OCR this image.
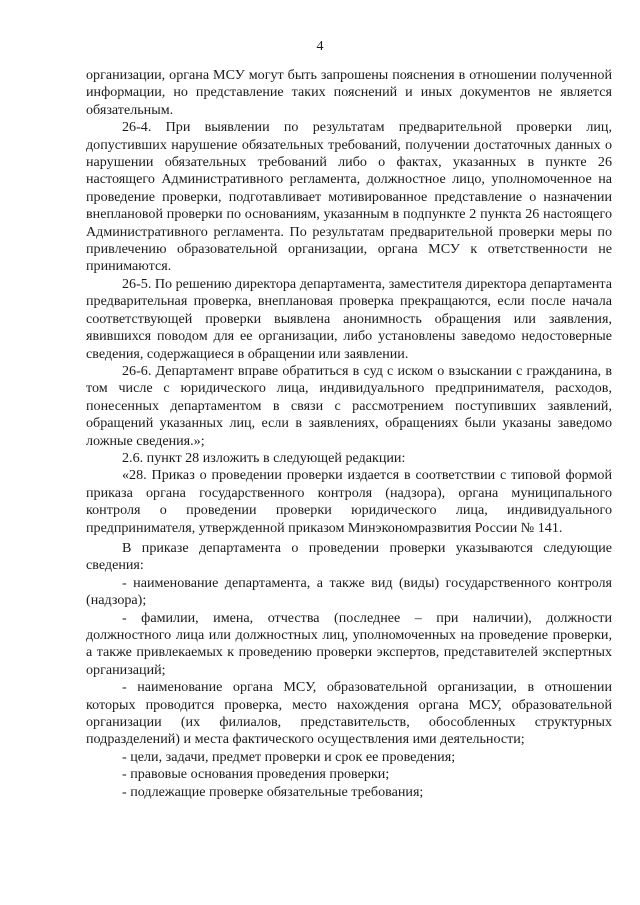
4

организации, органа МСУ могут быть запрошены пояснения в отношении полученной информации, но представление таких пояснений и иных документов не является обязательным.

26-4. При выявлении по результатам предварительной проверки лиц, допустивших нарушение обязательных требований, получении достаточных данных о нарушении обязательных требований либо о фактах, указанных в пункте 26 настоящего Административного регламента, должностное лицо, уполномоченное на проведение проверки, подготавливает мотивированное представление о назначении внеплановой проверки по основаниям, указанным в подпункте 2 пункта 26 настоящего Административного регламента. По результатам предварительной проверки меры по привлечению образовательной организации, органа МСУ к ответственности не принимаются.

26-5. По решению директора департамента, заместителя директора департамента предварительная проверка, внеплановая проверка прекращаются, если после начала соответствующей проверки выявлена анонимность обращения или заявления, явившихся поводом для ее организации, либо установлены заведомо недостоверные сведения, содержащиеся в обращении или заявлении.

26-6. Департамент вправе обратиться в суд с иском о взыскании с гражданина, в том числе с юридического лица, индивидуального предпринимателя, расходов, понесенных департаментом в связи с рассмотрением поступивших заявлений, обращений указанных лиц, если в заявлениях, обращениях были указаны заведомо ложные сведения.»;

2.6. пункт 28 изложить в следующей редакции:

«28. Приказ о проведении проверки издается в соответствии с типовой формой приказа органа государственного контроля (надзора), органа муниципального контроля о проведении проверки юридического лица, индивидуального предпринимателя, утвержденной приказом Минэкономразвития России № 141.

В приказе департамента о проведении проверки указываются следующие сведения:

- наименование департамента, а также вид (виды) государственного контроля (надзора);

- фамилии, имена, отчества (последнее – при наличии), должности должностного лица или должностных лиц, уполномоченных на проведение проверки, а также привлекаемых к проведению проверки экспертов, представителей экспертных организаций;

- наименование органа МСУ, образовательной организации, в отношении которых проводится проверка, место нахождения органа МСУ, образовательной организации (их филиалов, представительств, обособленных структурных подразделений) и места фактического осуществления ими деятельности;

- цели, задачи, предмет проверки и срок ее проведения;

- правовые основания проведения проверки;

- подлежащие проверке обязательные требования;
